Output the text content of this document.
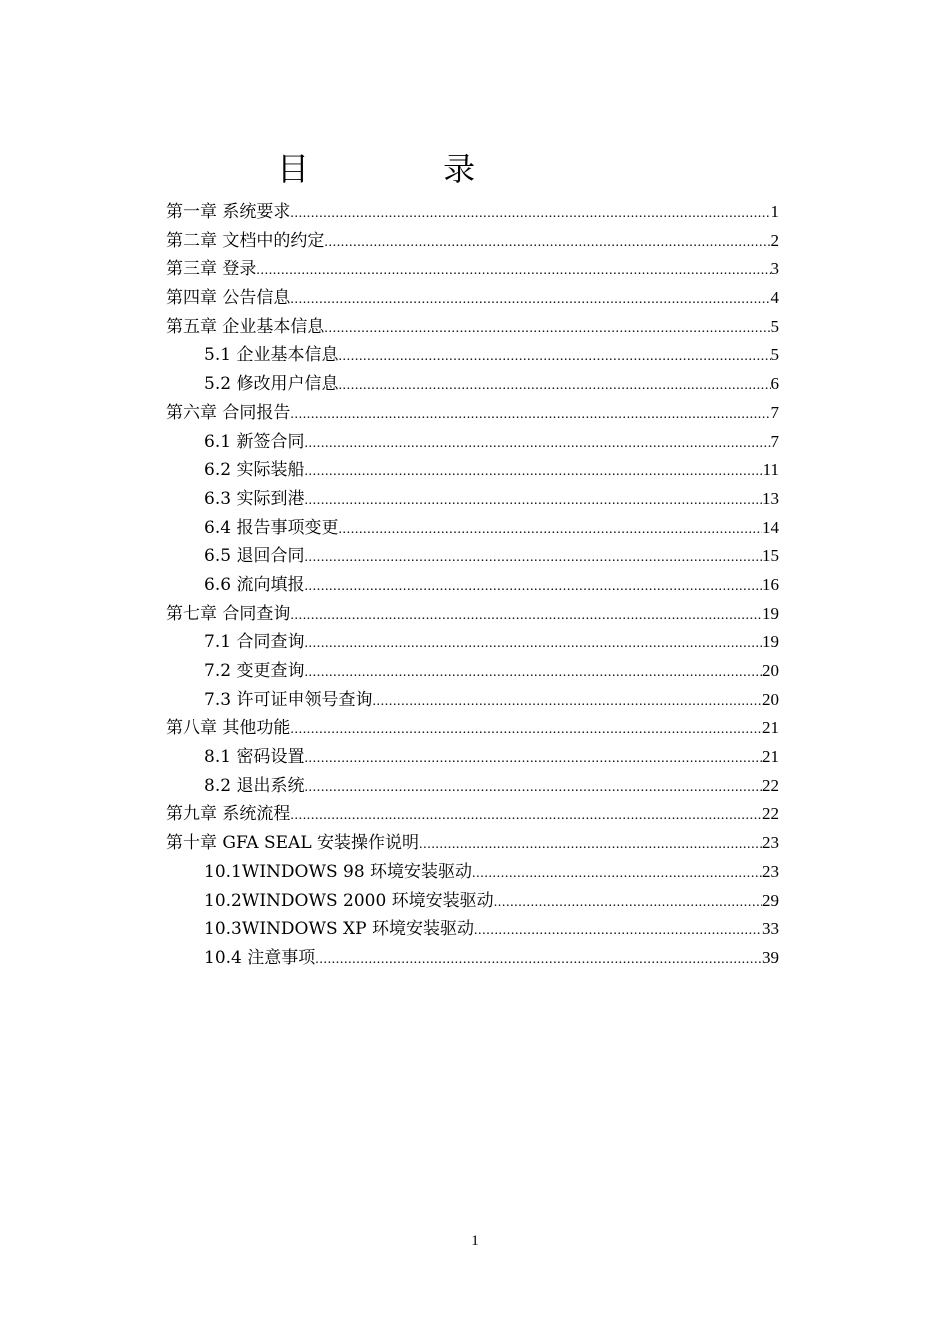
目 录
第一章 系统要求 .....	1
第二章 文档中的约定 .....	2
第三章 登录 .....	3
第四章 公告信息 .....	4
第五章 企业基本信息 .....	5
5.1 企业基本信息 .....	5
5.2 修改用户信息 .....	6
第六章 合同报告 .....	7
6.1 新签合同 .....	7
6.2 实际装船 .....	11
6.3 实际到港 .....	13
6.4 报告事项变更 .....	14
6.5 退回合同 .....	15
6.6 流向填报 .....	16
第七章 合同查询 .....	19
7.1 合同查询 .....	19
7.2 变更查询 .....	20
7.3 许可证申领号查询 .....	20
第八章 其他功能 .....	21
8.1 密码设置 .....	21
8.2 退出系统 .....	22
第九章 系统流程 .....	22
第十章 GFA SEAL 安装操作说明 .....	23
10.1WINDOWS 98 环境安装驱动 .....	23
10.2WINDOWS 2000 环境安装驱动 .....	29
10.3WINDOWS XP 环境安装驱动 .....	33
10.4 注意事项 .....	39
1
